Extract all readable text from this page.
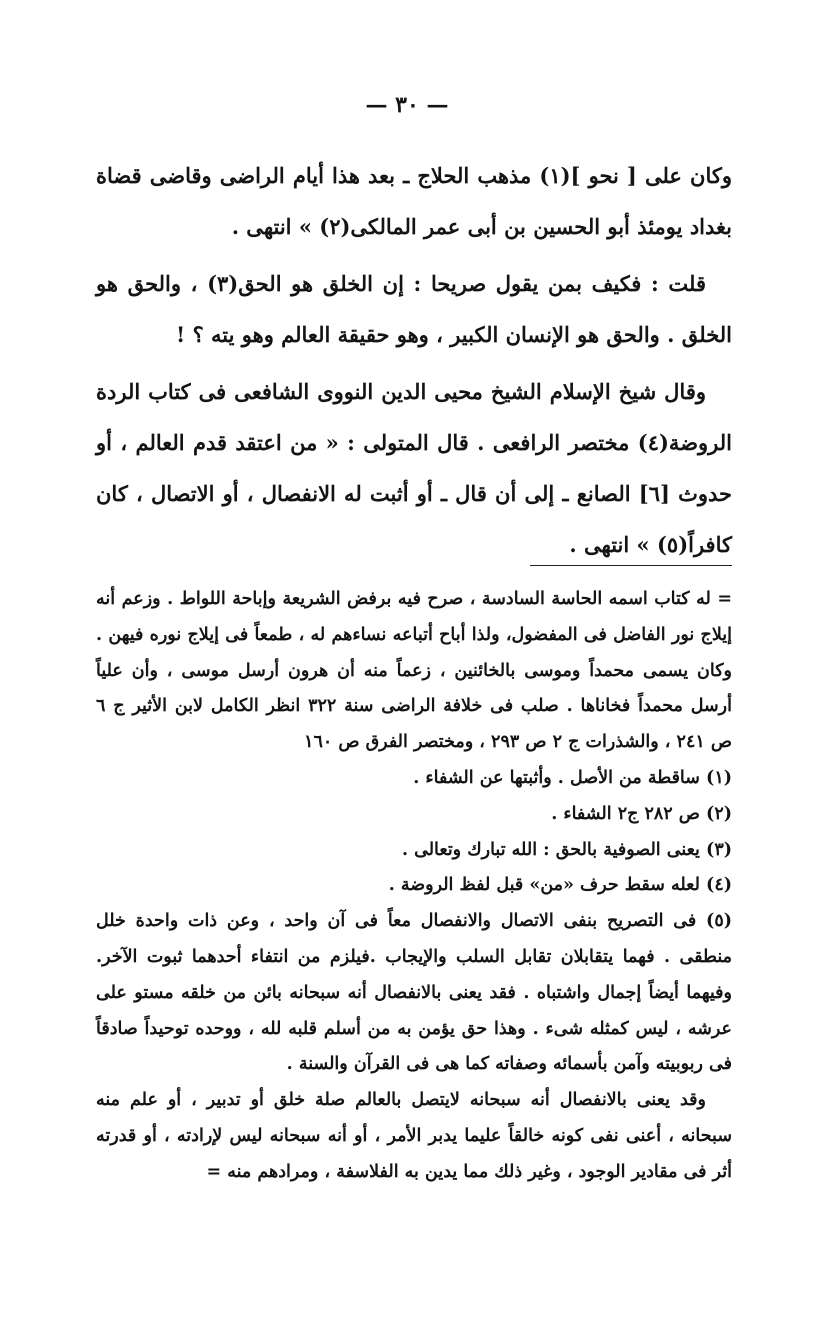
— ٣٠ —

وكان على [ نحو ](١) مذهب الحلاج ـ بعد هذا أيام الراضى وقاضى قضاة بغداد يومئذ أبو الحسين بن أبى عمر المالكى(٢) » انتهى .

قلت : فكيف بمن يقول صريحا : إن الخلق هو الحق(٣) ، والحق هو الخلق . والحق هو الإنسان الكبير ، وهو حقيقة العالم وهو يته ؟ !

وقال شيخ الإسلام الشيخ محيى الدين النووى الشافعى فى كتاب الردة الروضة(٤) مختصر الرافعى . قال المتولى : « من اعتقد قدم العالم ، أو حدوث [٦] الصانع ـ إلى أن قال ـ أو أثبت له الانفصال ، أو الاتصال ، كان كافراً(٥) » انتهى .

= له كتاب اسمه الحاسة السادسة ، صرح فيه برفض الشريعة وإباحة اللواط . وزعم أنه إيلاج نور الفاضل فى المفضول، ولذا أباح أتباعه نساءهم له ، طمعاً فى إيلاج نوره فيهن . وكان يسمى محمداً وموسى بالخائنين ، زعماً منه أن هرون أرسل موسى ، وأن علياً أرسل محمداً فخاناها . صلب فى خلافة الراضى سنة ٣٢٢ انظر الكامل لابن الأثير ج ٦ ص ٢٤١ ، والشذرات ج ٢ ص ٢٩٣ ، ومختصر الفرق ص ١٦٠

(١) ساقطة من الأصل . وأثبتها عن الشفاء .

(٢) ص ٢٨٢ ج٢ الشفاء .

(٣) يعنى الصوفية بالحق : الله تبارك وتعالى .

(٤) لعله سقط حرف «من» قبل لفظ الروضة .

(٥) فى التصريح بنفى الاتصال والانفصال معاً فى آن واحد ، وعن ذات واحدة خلل منطقى . فهما يتقابلان تقابل السلب والإيجاب .فيلزم من انتفاء أحدهما ثبوت الآخر. وفيهما أيضاً إجمال واشتباه . فقد يعنى بالانفصال أنه سبحانه بائن من خلقه مستو على عرشه ، ليس كمثله شىء . وهذا حق يؤمن به من أسلم قلبه لله ، ووحده توحيداً صادقاً فى ربوبيته وآمن بأسمائه وصفاته كما هى فى القرآن والسنة .

وقد يعنى بالانفصال أنه سبحانه لايتصل بالعالم صلة خلق أو تدبير ، أو علم منه سبحانه ، أعنى نفى كونه خالقاً عليما يدبر الأمر ، أو أنه سبحانه ليس لإرادته ، أو قدرته أثر فى مقادير الوجود ، وغير ذلك مما يدين به الفلاسفة ، ومرادهم منه =
